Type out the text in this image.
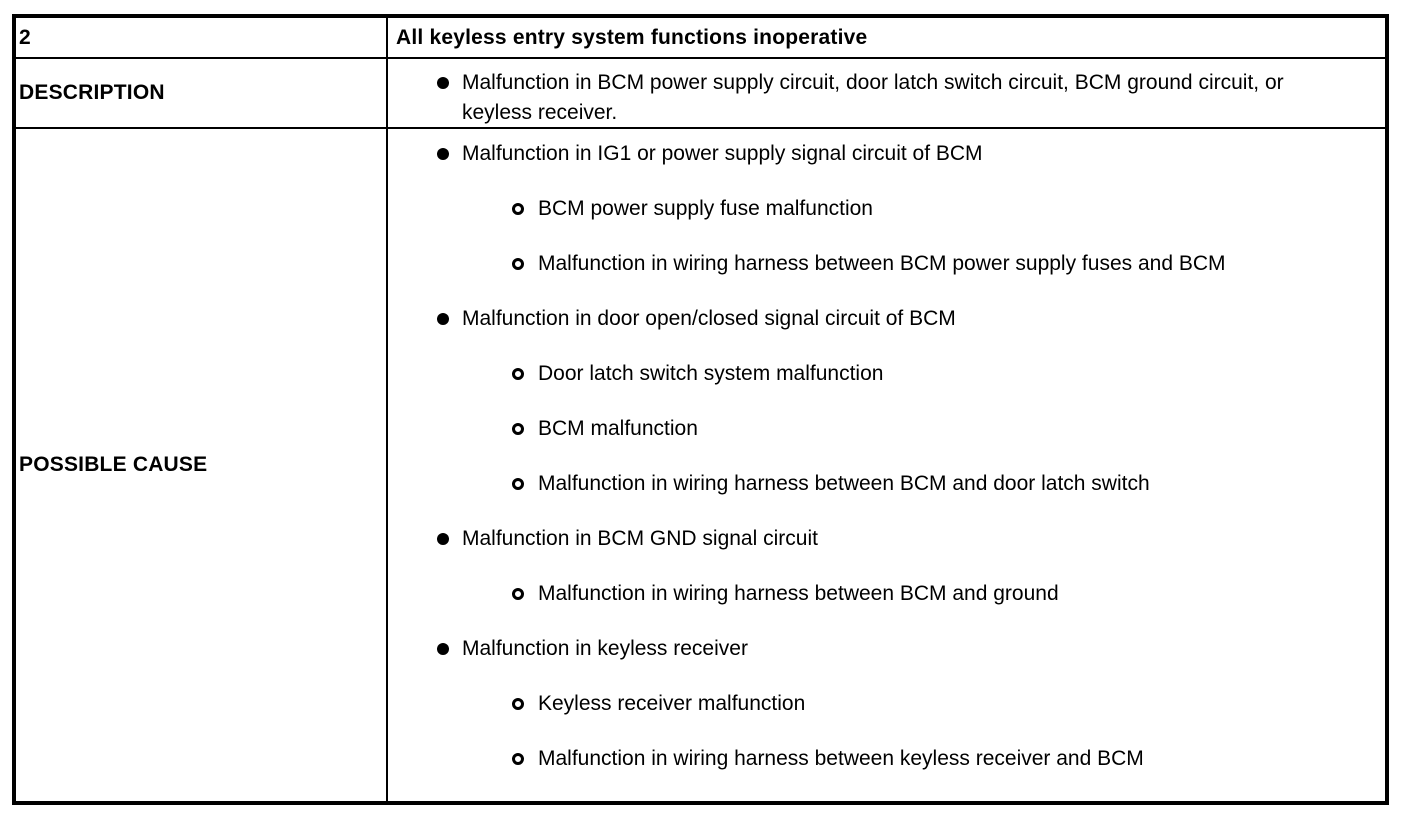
2	All keyless entry system functions inoperative
DESCRIPTION	Malfunction in BCM power supply circuit, door latch switch circuit, BCM ground circuit, or keyless receiver.
POSSIBLE CAUSE
Malfunction in IG1 or power supply signal circuit of BCM
BCM power supply fuse malfunction
Malfunction in wiring harness between BCM power supply fuses and BCM
Malfunction in door open/closed signal circuit of BCM
Door latch switch system malfunction
BCM malfunction
Malfunction in wiring harness between BCM and door latch switch
Malfunction in BCM GND signal circuit
Malfunction in wiring harness between BCM and ground
Malfunction in keyless receiver
Keyless receiver malfunction
Malfunction in wiring harness between keyless receiver and BCM
